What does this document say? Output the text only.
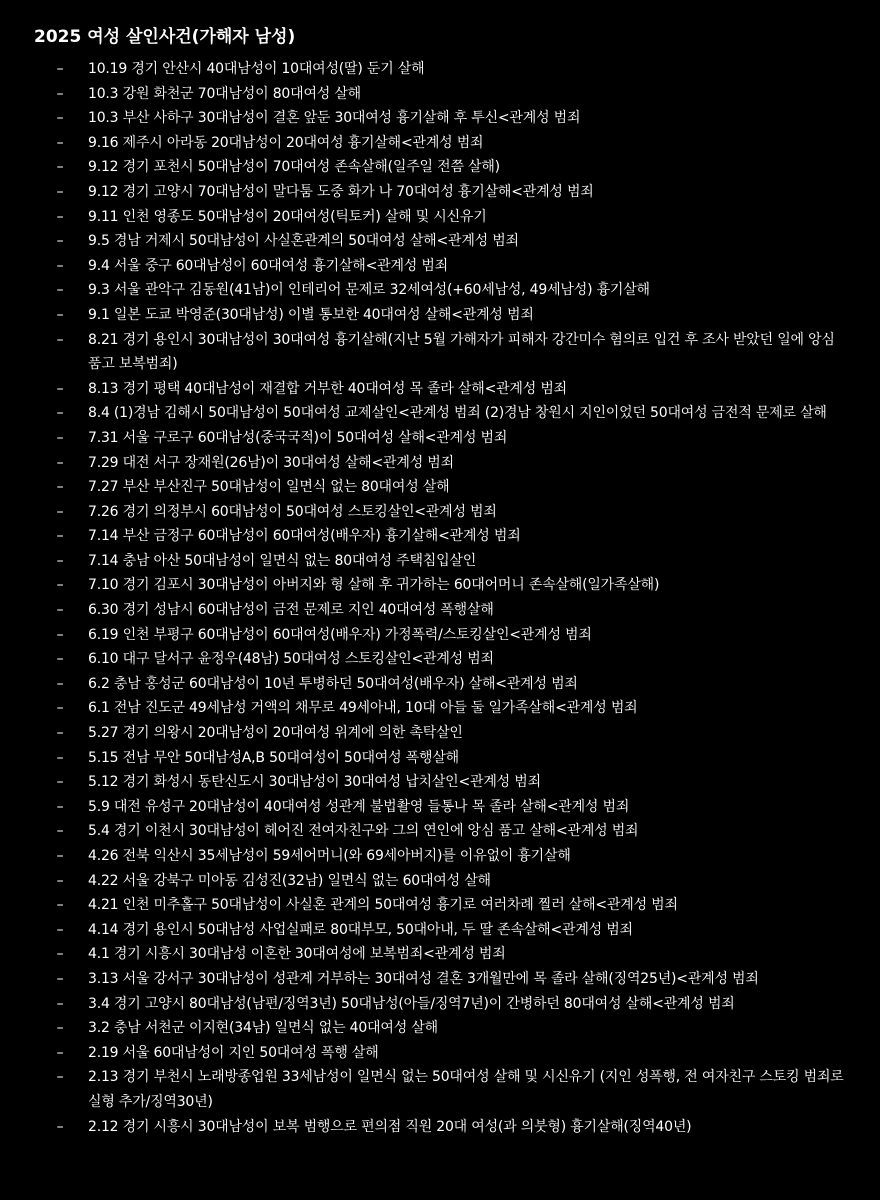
2025 여성 살인사건(가해자 남성)
–	10.19 경기 안산시 40대남성이 10대여성(딸) 둔기 살해
–	10.3 강원 화천군 70대남성이 80대여성 살해
–	10.3 부산 사하구 30대남성이 결혼 앞둔 30대여성 흉기살해 후 투신<관계성 범죄
–	9.16 제주시 아라동 20대남성이 20대여성 흉기살해<관계성 범죄
–	9.12 경기 포천시 50대남성이 70대여성 존속살해(일주일 전쯤 살해)
–	9.12 경기 고양시 70대남성이 말다툼 도중 화가 나 70대여성 흉기살해<관계성 범죄
–	9.11 인천 영종도 50대남성이 20대여성(틱토커) 살해 및 시신유기
–	9.5 경남 거제시 50대남성이 사실혼관계의 50대여성 살해<관계성 범죄
–	9.4 서울 중구 60대남성이 60대여성 흉기살해<관계성 범죄
–	9.3 서울 관악구 김동원(41남)이 인테리어 문제로 32세여성(+60세남성, 49세남성) 흉기살해
–	9.1 일본 도쿄 박영준(30대남성) 이별 통보한 40대여성 살해<관계성 범죄
–	8.21 경기 용인시 30대남성이 30대여성 흉기살해(지난 5월 가해자가 피해자 강간미수 혐의로 입건 후 조사 받았던 일에 앙심 품고 보복범죄)
–	8.13 경기 평택 40대남성이 재결합 거부한 40대여성 목 졸라 살해<관계성 범죄
–	8.4 (1)경남 김해시 50대남성이 50대여성 교제살인<관계성 범죄 (2)경남 창원시 지인이었던 50대여성 금전적 문제로 살해
–	7.31 서울 구로구 60대남성(중국국적)이 50대여성 살해<관계성 범죄
–	7.29 대전 서구 장재원(26남)이 30대여성 살해<관계성 범죄
–	7.27 부산 부산진구 50대남성이 일면식 없는 80대여성 살해
–	7.26 경기 의정부시 60대남성이 50대여성 스토킹살인<관계성 범죄
–	7.14 부산 금정구 60대남성이 60대여성(배우자) 흉기살해<관계성 범죄
–	7.14 충남 아산 50대남성이 일면식 없는 80대여성 주택침입살인
–	7.10 경기 김포시 30대남성이 아버지와 형 살해 후 귀가하는 60대어머니 존속살해(일가족살해)
–	6.30 경기 성남시 60대남성이 금전 문제로 지인 40대여성 폭행살해
–	6.19 인천 부평구 60대남성이 60대여성(배우자) 가정폭력/스토킹살인<관계성 범죄
–	6.10 대구 달서구 윤정우(48남) 50대여성 스토킹살인<관계성 범죄
–	6.2 충남 홍성군 60대남성이 10년 투병하던 50대여성(배우자) 살해<관계성 범죄
–	6.1 전남 진도군 49세남성 거액의 채무로 49세아내, 10대 아들 둘 일가족살해<관계성 범죄
–	5.27 경기 의왕시 20대남성이 20대여성 위계에 의한 촉탁살인
–	5.15 전남 무안 50대남성A,B 50대여성이 50대여성 폭행살해
–	5.12 경기 화성시 동탄신도시 30대남성이 30대여성 납치살인<관계성 범죄
–	5.9 대전 유성구 20대남성이 40대여성 성관계 불법촬영 들통나 목 졸라 살해<관계성 범죄
–	5.4 경기 이천시 30대남성이 헤어진 전여자친구와 그의 연인에 앙심 품고 살해<관계성 범죄
–	4.26 전북 익산시 35세남성이 59세어머니(와 69세아버지)를 이유없이 흉기살해
–	4.22 서울 강북구 미아동 김성진(32남) 일면식 없는 60대여성 살해
–	4.21 인천 미추홀구 50대남성이 사실혼 관계의 50대여성 흉기로 여러차례 찔러 살해<관계성 범죄
–	4.14 경기 용인시 50대남성 사업실패로 80대부모, 50대아내, 두 딸 존속살해<관계성 범죄
–	4.1 경기 시흥시 30대남성 이혼한 30대여성에 보복범죄<관계성 범죄
–	3.13 서울 강서구 30대남성이 성관계 거부하는 30대여성 결혼 3개월만에 목 졸라 살해(징역25년)<관계성 범죄
–	3.4 경기 고양시 80대남성(남편/징역3년) 50대남성(아들/징역7년)이 간병하던 80대여성 살해<관계성 범죄
–	3.2 충남 서천군 이지현(34남) 일면식 없는 40대여성 살해
–	2.19 서울 60대남성이 지인 50대여성 폭행 살해
–	2.13 경기 부천시 노래방종업원 33세남성이 일면식 없는 50대여성 살해 및 시신유기 (지인 성폭행, 전 여자친구 스토킹 범죄로 실형 추가/징역30년)
–	2.12 경기 시흥시 30대남성이 보복 범행으로 편의점 직원 20대 여성(과 의붓형) 흉기살해(징역40년)
